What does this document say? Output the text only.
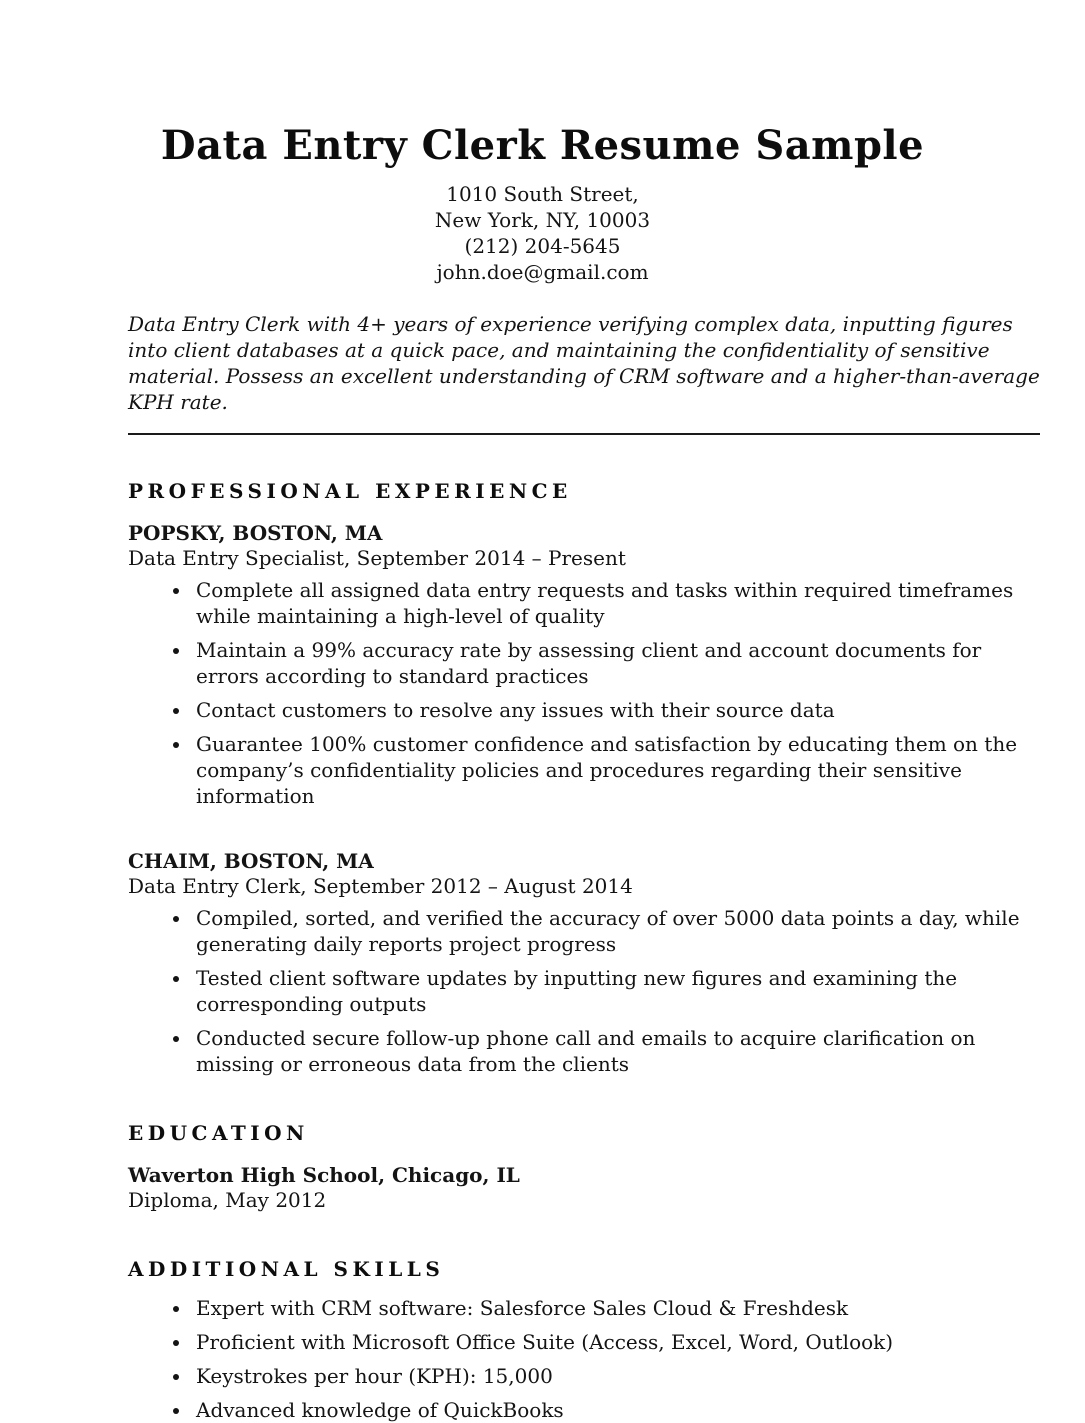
Data Entry Clerk Resume Sample
1010 South Street,
New York, NY, 10003
(212) 204-5645
john.doe@gmail.com

Data Entry Clerk with 4+ years of experience verifying complex data, inputting figures into client databases at a quick pace, and maintaining the confidentiality of sensitive material. Possess an excellent understanding of CRM software and a higher-than-average KPH rate.

PROFESSIONAL EXPERIENCE
POPSKY, BOSTON, MA
Data Entry Specialist, September 2014 – Present
• Complete all assigned data entry requests and tasks within required timeframes while maintaining a high-level of quality
• Maintain a 99% accuracy rate by assessing client and account documents for errors according to standard practices
• Contact customers to resolve any issues with their source data
• Guarantee 100% customer confidence and satisfaction by educating them on the company’s confidentiality policies and procedures regarding their sensitive information
CHAIM, BOSTON, MA
Data Entry Clerk, September 2012 – August 2014
• Compiled, sorted, and verified the accuracy of over 5000 data points a day, while generating daily reports project progress
• Tested client software updates by inputting new figures and examining the corresponding outputs
• Conducted secure follow-up phone call and emails to acquire clarification on missing or erroneous data from the clients
EDUCATION
Waverton High School, Chicago, IL
Diploma, May 2012
ADDITIONAL SKILLS
• Expert with CRM software: Salesforce Sales Cloud & Freshdesk
• Proficient with Microsoft Office Suite (Access, Excel, Word, Outlook)
• Keystrokes per hour (KPH): 15,000
• Advanced knowledge of QuickBooks
